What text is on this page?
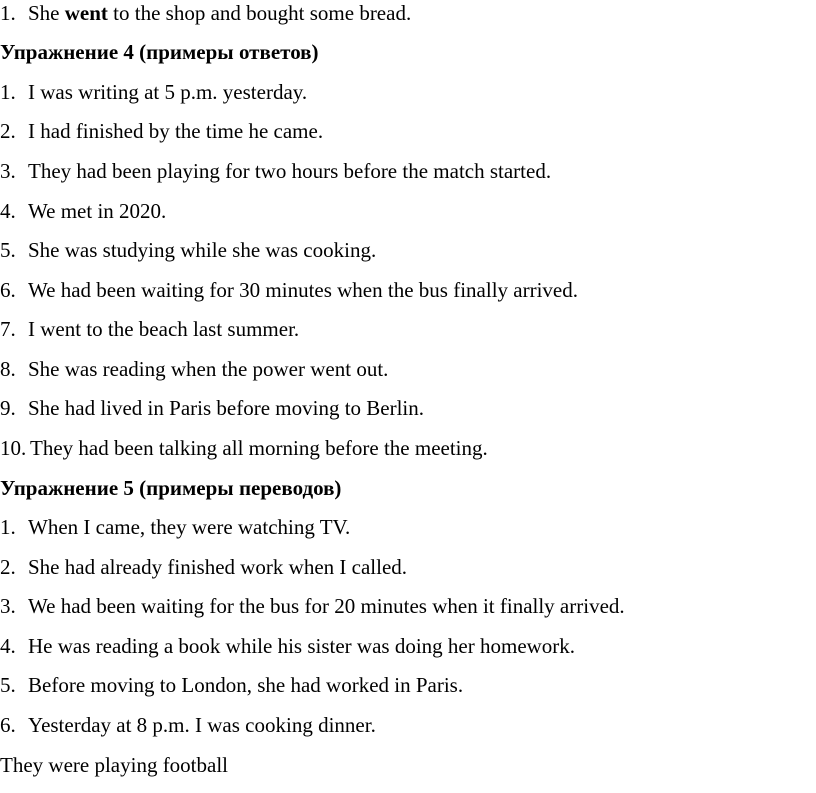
1. She went to the shop and bought some bread.
Упражнение 4 (примеры ответов)
1. I was writing at 5 p.m. yesterday.
2. I had finished by the time he came.
3. They had been playing for two hours before the match started.
4. We met in 2020.
5. She was studying while she was cooking.
6. We had been waiting for 30 minutes when the bus finally arrived.
7. I went to the beach last summer.
8. She was reading when the power went out.
9. She had lived in Paris before moving to Berlin.
10. They had been talking all morning before the meeting.
Упражнение 5 (примеры переводов)
1. When I came, they were watching TV.
2. She had already finished work when I called.
3. We had been waiting for the bus for 20 minutes when it finally arrived.
4. He was reading a book while his sister was doing her homework.
5. Before moving to London, she had worked in Paris.
6. Yesterday at 8 p.m. I was cooking dinner.
They were playing football
